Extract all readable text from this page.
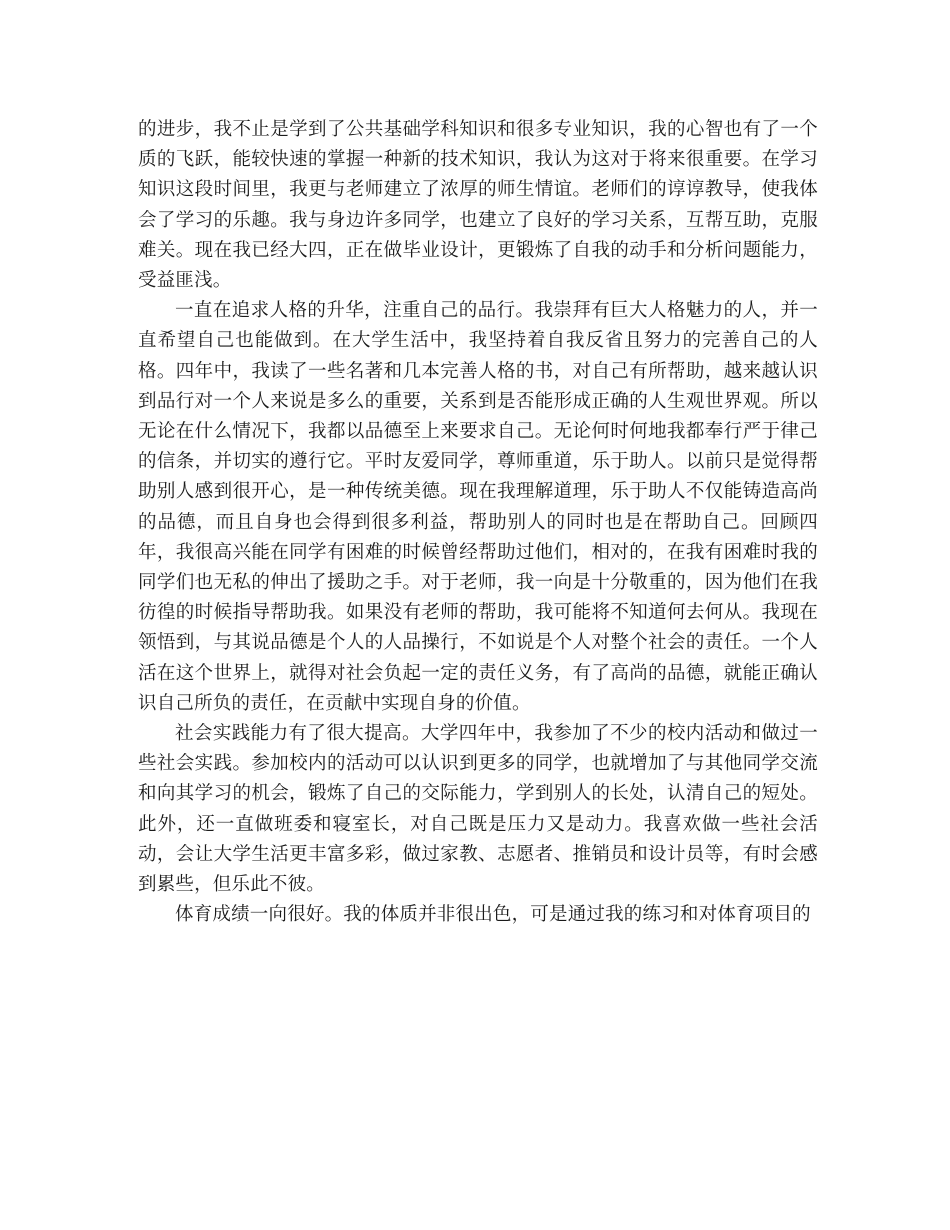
的进步，我不止是学到了公共基础学科知识和很多专业知识，我的心智也有了一个质的飞跃，能较快速的掌握一种新的技术知识，我认为这对于将来很重要。在学习知识这段时间里，我更与老师建立了浓厚的师生情谊。老师们的谆谆教导，使我体会了学习的乐趣。我与身边许多同学，也建立了良好的学习关系，互帮互助，克服难关。现在我已经大四，正在做毕业设计，更锻炼了自我的动手和分析问题能力，受益匪浅。

一直在追求人格的升华，注重自己的品行。我崇拜有巨大人格魅力的人，并一直希望自己也能做到。在大学生活中，我坚持着自我反省且努力的完善自己的人格。四年中，我读了一些名著和几本完善人格的书，对自己有所帮助，越来越认识到品行对一个人来说是多么的重要，关系到是否能形成正确的人生观世界观。所以无论在什么情况下，我都以品德至上来要求自己。无论何时何地我都奉行严于律己的信条，并切实的遵行它。平时友爱同学，尊师重道，乐于助人。以前只是觉得帮助别人感到很开心，是一种传统美德。现在我理解道理，乐于助人不仅能铸造高尚的品德，而且自身也会得到很多利益，帮助别人的同时也是在帮助自己。回顾四年，我很高兴能在同学有困难的时候曾经帮助过他们，相对的，在我有困难时我的同学们也无私的伸出了援助之手。对于老师，我一向是十分敬重的，因为他们在我彷徨的时候指导帮助我。如果没有老师的帮助，我可能将不知道何去何从。我现在领悟到，与其说品德是个人的人品操行，不如说是个人对整个社会的责任。一个人活在这个世界上，就得对社会负起一定的责任义务，有了高尚的品德，就能正确认识自己所负的责任，在贡献中实现自身的价值。

社会实践能力有了很大提高。大学四年中，我参加了不少的校内活动和做过一些社会实践。参加校内的活动可以认识到更多的同学，也就增加了与其他同学交流和向其学习的机会，锻炼了自己的交际能力，学到别人的长处，认清自己的短处。此外，还一直做班委和寝室长，对自己既是压力又是动力。我喜欢做一些社会活动，会让大学生活更丰富多彩，做过家教、志愿者、推销员和设计员等，有时会感到累些，但乐此不彼。

体育成绩一向很好。我的体质并非很出色，可是通过我的练习和对体育项目的
